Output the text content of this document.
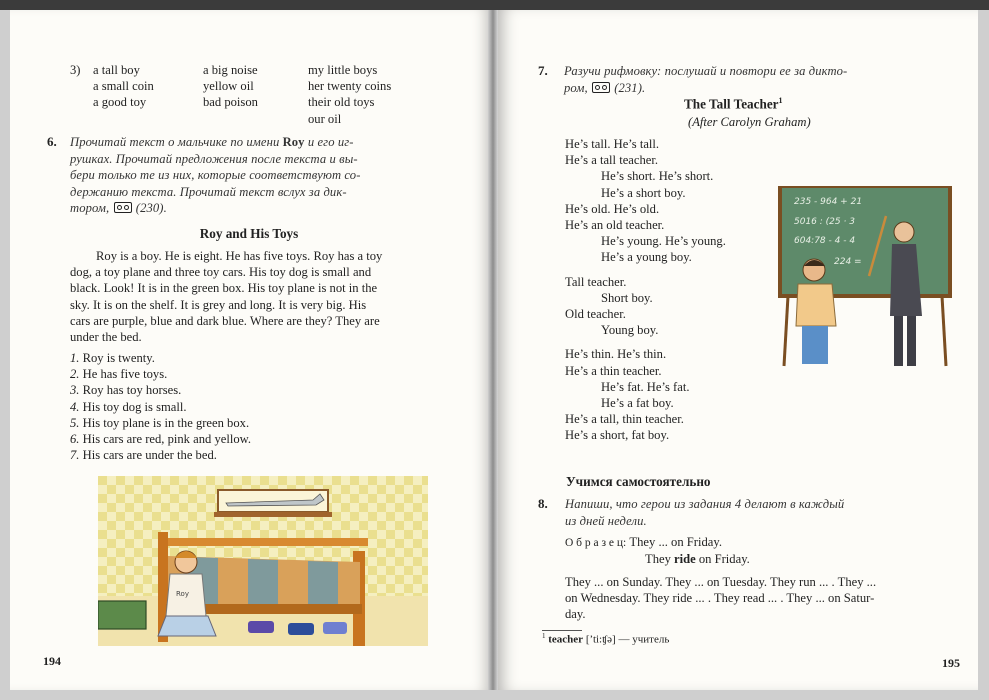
3) a tall boy
a small coin
a good toy
a big noise
yellow oil
bad poison
my little boys
her twenty coins
their old toys
our oil
6. Прочитай текст о мальчике по имени Roy и его иг-
рушках. Прочитай предложения после текста и вы-
бери только те из них, которые соответствуют со-
держанию текста. Прочитай текст вслух за дик-
тором, (230).
Roy and His Toys
Roy is a boy. He is eight. He has five toys. Roy has a toy
dog, a toy plane and three toy cars. His toy dog is small and
black. Look! It is in the green box. His toy plane is not in the
sky. It is on the shelf. It is grey and long. It is very big. His
cars are purple, blue and dark blue. Where are they? They are
under the bed.
1. Roy is twenty.
2. He has five toys.
3. Roy has toy horses.
4. His toy dog is small.
5. His toy plane is in the green box.
6. His cars are red, pink and yellow.
7. His cars are under the bed.
Roy
194
7. Разучи рифмовку: послушай и повтори ее за дикто-
ром, (231).
The Tall Teacher$^1$
(After Carolyn Graham)
He’s tall. He’s tall.
He’s a tall teacher.
He’s short. He’s short.
He’s a short boy.
He’s old. He’s old.
He’s an old teacher.
He’s young. He’s young.
He’s a young boy.
Tall teacher.
Short boy.
Old teacher.
Young boy.
He’s thin. He’s thin.
He’s a thin teacher.
He’s fat. He’s fat.
He’s a fat boy.
He’s a tall, thin teacher.
He’s a short, fat boy.
235 - 964 + 21
5016 : (25 · 3
604:78 - 4 - 4
224 =
Учимся самостоятельно
8. Напиши, что герои из задания 4 делают в каждый
из дней недели.
О б р а з е ц: They ... on Friday.
They ride on Friday.
They ... on Sunday. They ... on Tuesday. They run ... . They ...
on Wednesday. They ride ... . They read ... . They ... on Satur-
day.
$^1$ teacher [’ti:ʧə] — учитель
195
